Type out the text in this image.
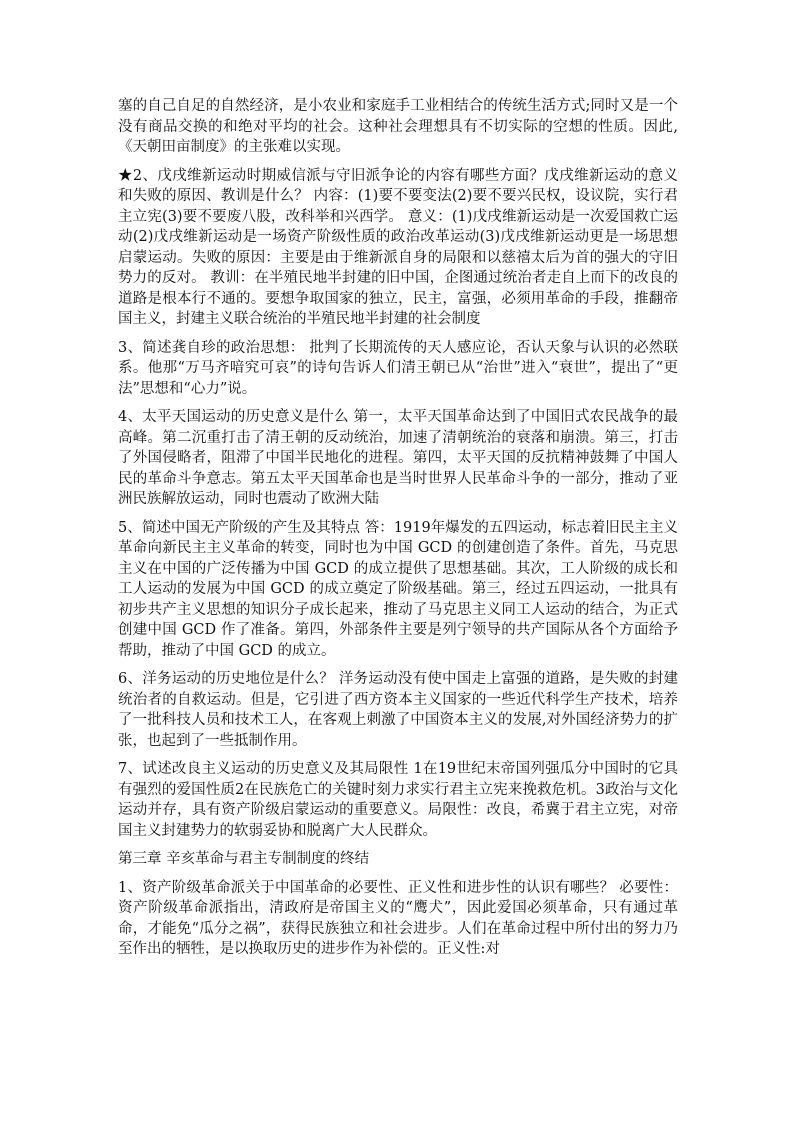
塞的自己自足的自然经济，是小农业和家庭手工业相结合的传统生活方式;同时又是一个没有商品交换的和绝对平均的社会。这种社会理想具有不切实际的空想的性质。因此,《天朝田亩制度》的主张难以实现。

★2、戊戌维新运动时期威信派与守旧派争论的内容有哪些方面？戊戌维新运动的意义和失败的原因、教训是什么？ 内容：(1)要不要变法(2)要不要兴民权，设议院，实行君主立宪(3)要不要废八股，改科举和兴西学。 意义：(1)戊戌维新运动是一次爱国救亡运动(2)戊戌维新运动是一场资产阶级性质的政治改革运动(3)戊戌维新运动更是一场思想启蒙运动。失败的原因：主要是由于维新派自身的局限和以慈禧太后为首的强大的守旧势力的反对。 教训：在半殖民地半封建的旧中国，企图通过统治者走自上而下的改良的道路是根本行不通的。要想争取国家的独立，民主，富强，必须用革命的手段，推翻帝国主义，封建主义联合统治的半殖民地半封建的社会制度

3、简述龚自珍的政治思想： 批判了长期流传的天人感应论，否认天象与认识的必然联系。他那“万马齐喑究可哀”的诗句告诉人们清王朝已从“治世”进入“衰世”，提出了“更法”思想和“心力”说。

4、太平天国运动的历史意义是什么 第一，太平天国革命达到了中国旧式农民战争的最高峰。第二沉重打击了清王朝的反动统治，加速了清朝统治的衰落和崩溃。第三，打击了外国侵略者，阻滞了中国半民地化的进程。第四，太平天国的反抗精神鼓舞了中国人民的革命斗争意志。第五太平天国革命也是当时世界人民革命斗争的一部分，推动了亚洲民族解放运动，同时也震动了欧洲大陆

5、简述中国无产阶级的产生及其特点 答：1919年爆发的五四运动，标志着旧民主主义革命向新民主主义革命的转变，同时也为中国 GCD 的创建创造了条件。首先，马克思主义在中国的广泛传播为中国 GCD 的成立提供了思想基础。其次，工人阶级的成长和工人运动的发展为中国 GCD 的成立奠定了阶级基础。第三，经过五四运动，一批具有初步共产主义思想的知识分子成长起来，推动了马克思主义同工人运动的结合，为正式创建中国 GCD 作了准备。第四，外部条件主要是列宁领导的共产国际从各个方面给予帮助，推动了中国 GCD 的成立。

6、洋务运动的历史地位是什么？ 洋务运动没有使中国走上富强的道路，是失败的封建统治者的自救运动。但是，它引进了西方资本主义国家的一些近代科学生产技术，培养了一批科技人员和技术工人，在客观上刺激了中国资本主义的发展,对外国经济势力的扩张，也起到了一些抵制作用。

7、试述改良主义运动的历史意义及其局限性 1在19世纪末帝国列强瓜分中国时的它具有强烈的爱国性质2在民族危亡的关键时刻力求实行君主立宪来挽救危机。3政治与文化运动并存，具有资产阶级启蒙运动的重要意义。局限性：改良，希冀于君主立宪，对帝国主义封建势力的软弱妥协和脱离广大人民群众。

第三章 辛亥革命与君主专制制度的终结

1、资产阶级革命派关于中国革命的必要性、正义性和进步性的认识有哪些？ 必要性：资产阶级革命派指出，清政府是帝国主义的“鹰犬”，因此爱国必须革命，只有通过革命，才能免“瓜分之祸”，获得民族独立和社会进步。人们在革命过程中所付出的努力乃至作出的牺牲，是以换取历史的进步作为补偿的。正义性:对
